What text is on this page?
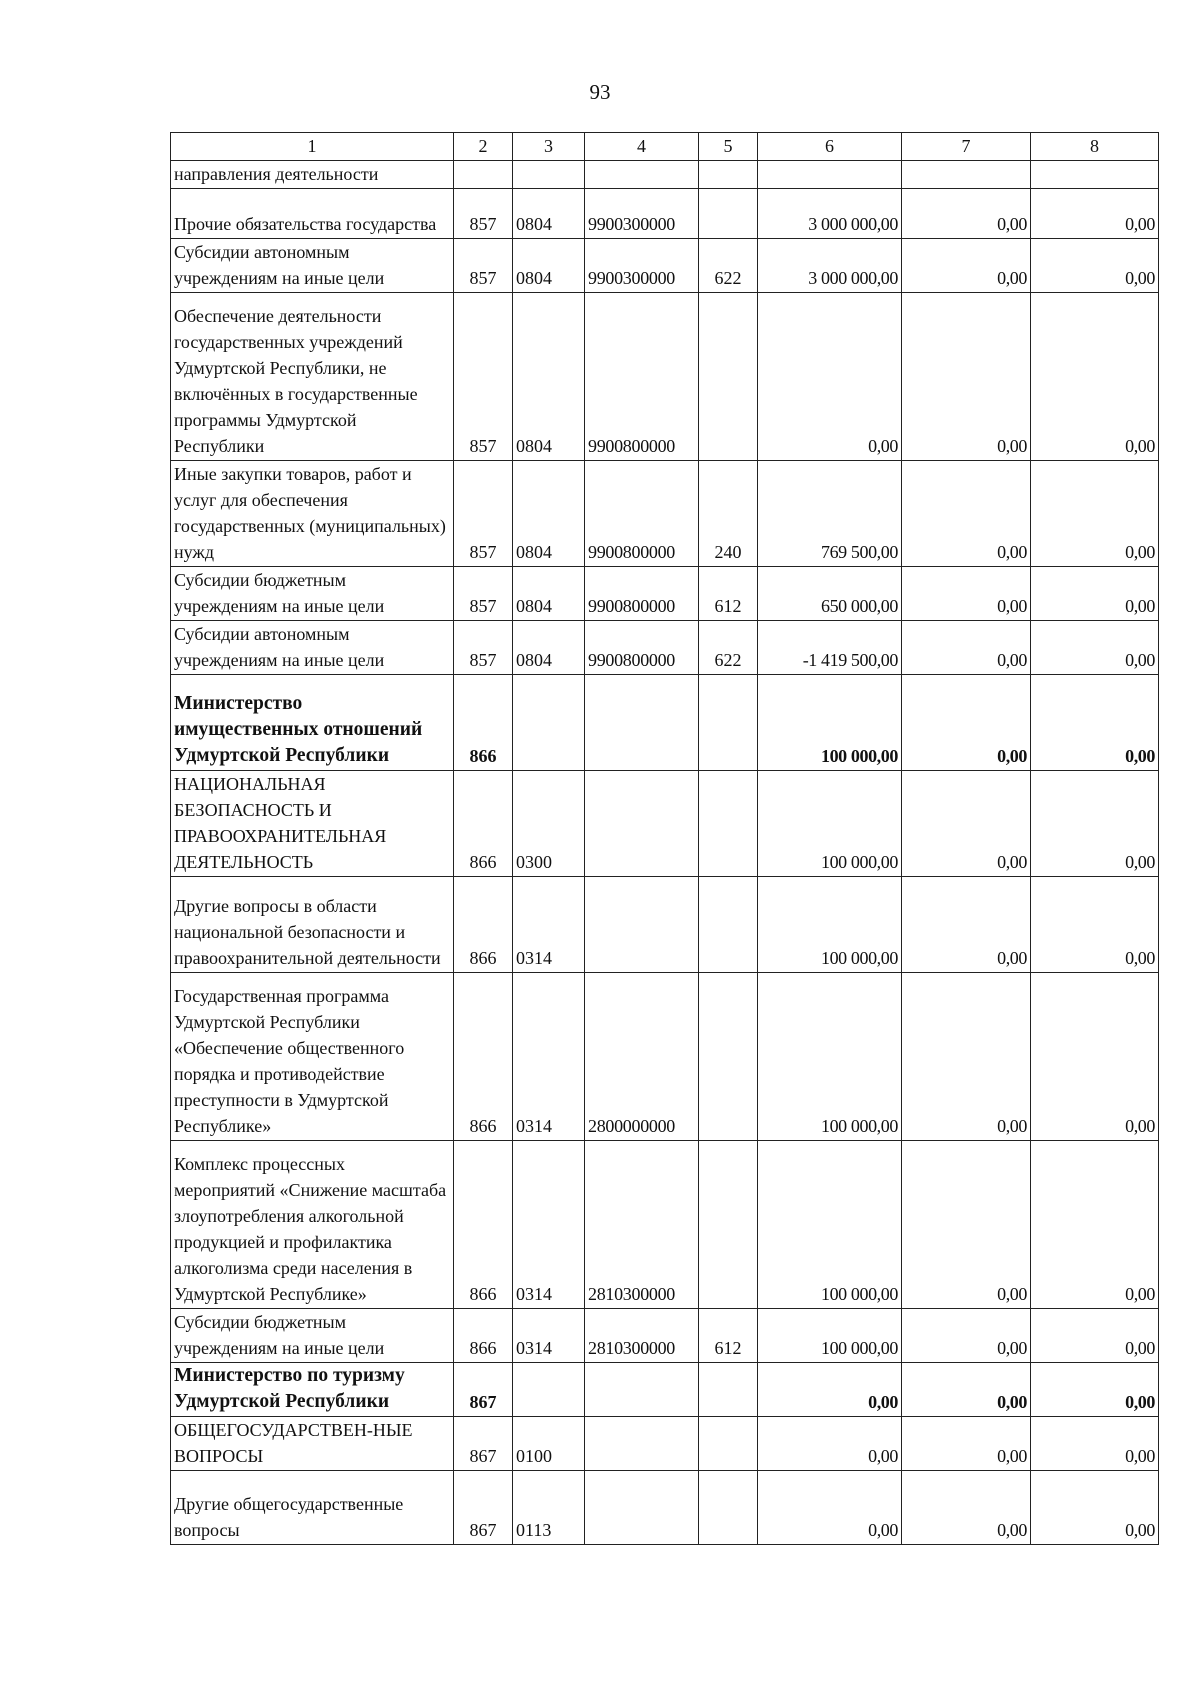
93
1	2	3	4	5	6	7	8
направления деятельности							
Прочие обязательства государства	857	0804	9900300000		3 000 000,00	0,00	0,00
Субсидии автономным учреждениям на иные цели	857	0804	9900300000	622	3 000 000,00	0,00	0,00
Обеспечение деятельности государственных учреждений Удмуртской Республики, не включённых в государственные программы Удмуртской Республики	857	0804	9900800000		0,00	0,00	0,00
Иные закупки товаров, работ и услуг для обеспечения государственных (муниципальных) нужд	857	0804	9900800000	240	769 500,00	0,00	0,00
Субсидии бюджетным учреждениям на иные цели	857	0804	9900800000	612	650 000,00	0,00	0,00
Субсидии автономным учреждениям на иные цели	857	0804	9900800000	622	-1 419 500,00	0,00	0,00
Министерство имущественных отношений Удмуртской Республики	866				100 000,00	0,00	0,00
НАЦИОНАЛЬНАЯ БЕЗОПАСНОСТЬ И ПРАВООХРАНИТЕЛЬНАЯ ДЕЯТЕЛЬНОСТЬ	866	0300			100 000,00	0,00	0,00
Другие вопросы в области национальной безопасности и правоохранительной деятельности	866	0314			100 000,00	0,00	0,00
Государственная программа Удмуртской Республики «Обеспечение общественного порядка и противодействие преступности в Удмуртской Республике»	866	0314	2800000000		100 000,00	0,00	0,00
Комплекс процессных мероприятий «Снижение масштаба злоупотребления алкогольной продукцией и профилактика алкоголизма среди населения в Удмуртской Республике»	866	0314	2810300000		100 000,00	0,00	0,00
Субсидии бюджетным учреждениям на иные цели	866	0314	2810300000	612	100 000,00	0,00	0,00
Министерство по туризму Удмуртской Республики	867				0,00	0,00	0,00
ОБЩЕГОСУДАРСТВЕН-НЫЕ ВОПРОСЫ	867	0100			0,00	0,00	0,00
Другие общегосударственные вопросы	867	0113			0,00	0,00	0,00
